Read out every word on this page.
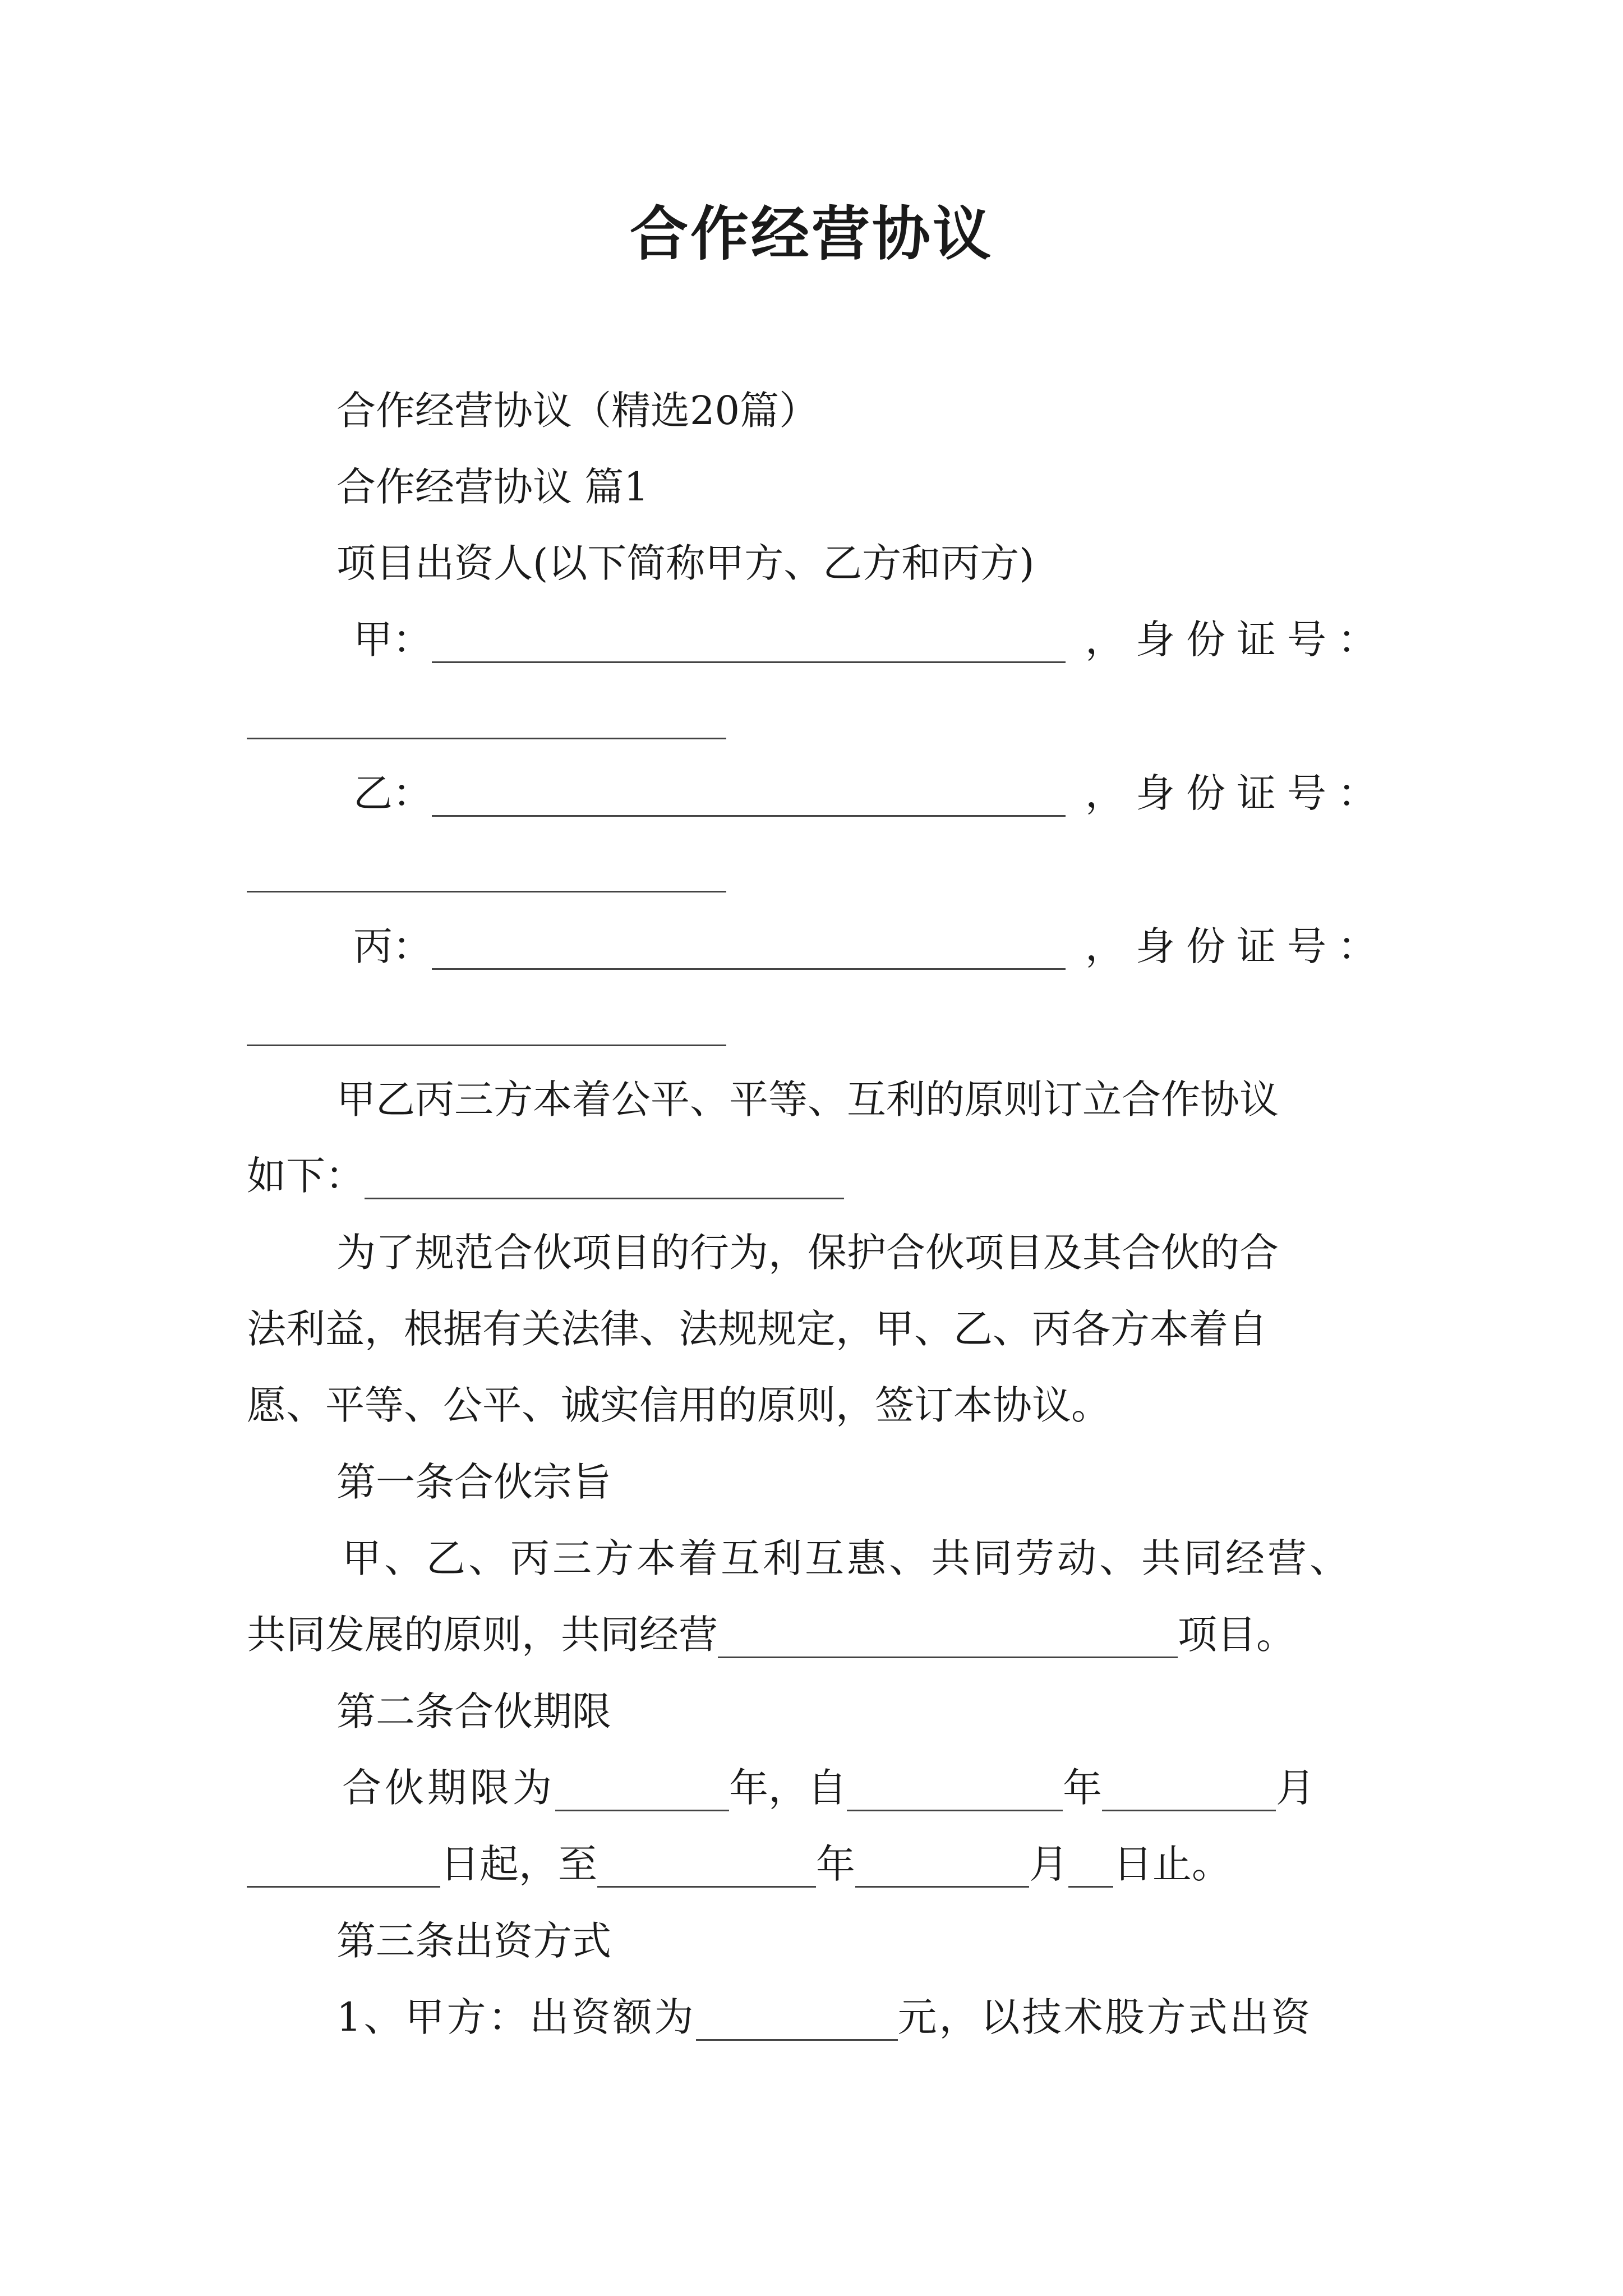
合作经营协议
合作经营协议（精选20篇）
合作经营协议 篇1
项目出资人(以下简称甲方、乙方和丙方)
甲：	，身份证号：
乙：	，身份证号：
丙：	，身份证号：
甲乙丙三方本着公平、平等、互利的原则订立合作协议
如下：
为了规范合伙项目的行为，保护合伙项目及其合伙的合
法利益，根据有关法律、法规规定，甲、乙、丙各方本着自
愿、平等、公平、诚实信用的原则，签订本协议。
第一条合伙宗旨
甲、乙、丙三方本着互利互惠、共同劳动、共同经营、
共同发展的原则，共同经营	项目。
第二条合伙期限
合伙期限为	年，自	年	月
日起，至	年	月 日止。
第三条出资方式
1、甲方：出资额为	元，以技术股方式出资
